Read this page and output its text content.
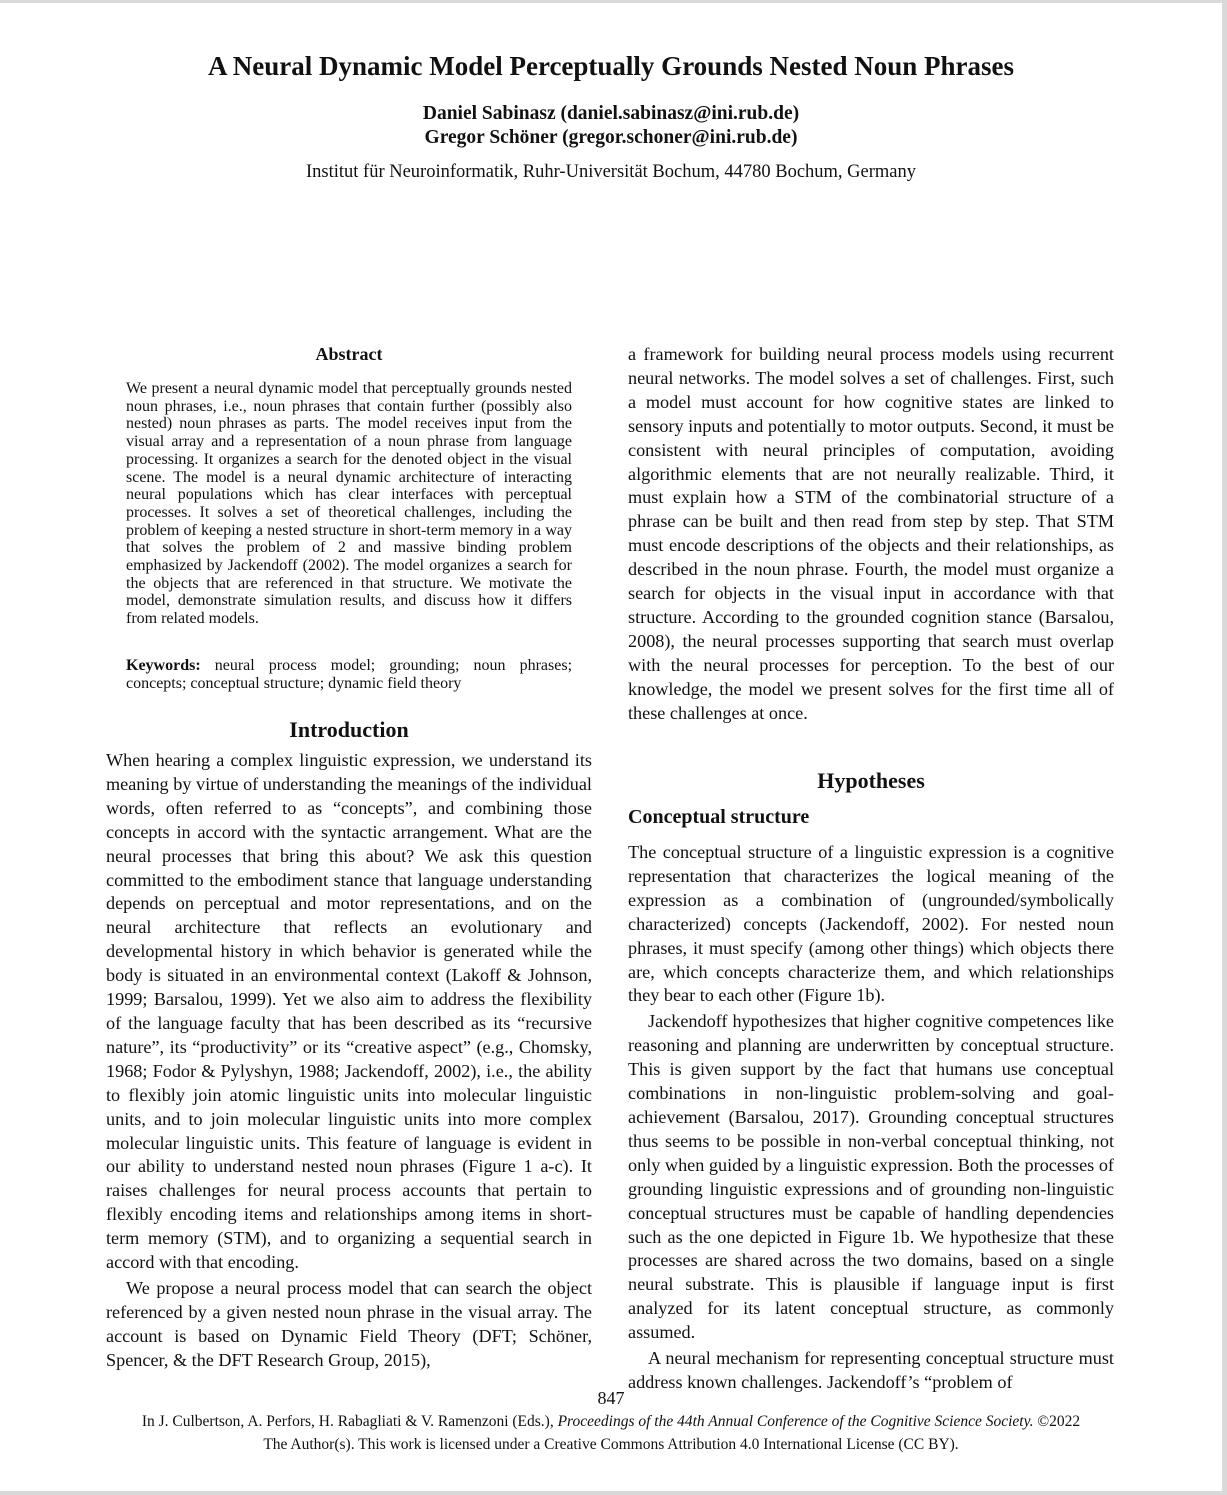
A Neural Dynamic Model Perceptually Grounds Nested Noun Phrases
Daniel Sabinasz (daniel.sabinasz@ini.rub.de)
Gregor Schöner (gregor.schoner@ini.rub.de)
Institut für Neuroinformatik, Ruhr-Universität Bochum, 44780 Bochum, Germany
Abstract
We present a neural dynamic model that perceptually grounds nested noun phrases, i.e., noun phrases that contain further (possibly also nested) noun phrases as parts. The model receives input from the visual array and a representation of a noun phrase from language processing. It organizes a search for the denoted object in the visual scene. The model is a neural dynamic architecture of interacting neural populations which has clear interfaces with perceptual processes. It solves a set of theoretical challenges, including the problem of keeping a nested structure in short-term memory in a way that solves the problem of 2 and massive binding problem emphasized by Jackendoff (2002). The model organizes a search for the objects that are referenced in that structure. We motivate the model, demonstrate simulation results, and discuss how it differs from related models.
Keywords: neural process model; grounding; noun phrases; concepts; conceptual structure; dynamic field theory
Introduction

When hearing a complex linguistic expression, we understand its meaning by virtue of understanding the meanings of the individual words, often referred to as “concepts”, and combining those concepts in accord with the syntactic arrangement. What are the neural processes that bring this about? We ask this question committed to the embodiment stance that language understanding depends on perceptual and motor representations, and on the neural architecture that reflects an evolutionary and developmental history in which behavior is generated while the body is situated in an environmental context (Lakoff & Johnson, 1999; Barsalou, 1999). Yet we also aim to address the flexibility of the language faculty that has been described as its “recursive nature”, its “productivity” or its “creative aspect” (e.g., Chomsky, 1968; Fodor & Pylyshyn, 1988; Jackendoff, 2002), i.e., the ability to flexibly join atomic linguistic units into molecular linguistic units, and to join molecular linguistic units into more complex molecular linguistic units. This feature of language is evident in our ability to understand nested noun phrases (Figure 1 a-c). It raises challenges for neural process accounts that pertain to flexibly encoding items and relationships among items in short-term memory (STM), and to organizing a sequential search in accord with that encoding.

We propose a neural process model that can search the object referenced by a given nested noun phrase in the visual array. The account is based on Dynamic Field Theory (DFT; Schöner, Spencer, & the DFT Research Group, 2015),

a framework for building neural process models using recurrent neural networks. The model solves a set of challenges. First, such a model must account for how cognitive states are linked to sensory inputs and potentially to motor outputs. Second, it must be consistent with neural principles of computation, avoiding algorithmic elements that are not neurally realizable. Third, it must explain how a STM of the combinatorial structure of a phrase can be built and then read from step by step. That STM must encode descriptions of the objects and their relationships, as described in the noun phrase. Fourth, the model must organize a search for objects in the visual input in accordance with that structure. According to the grounded cognition stance (Barsalou, 2008), the neural processes supporting that search must overlap with the neural processes for perception. To the best of our knowledge, the model we present solves for the first time all of these challenges at once.
Hypotheses
Conceptual structure

The conceptual structure of a linguistic expression is a cognitive representation that characterizes the logical meaning of the expression as a combination of (ungrounded/symbolically characterized) concepts (Jackendoff, 2002). For nested noun phrases, it must specify (among other things) which objects there are, which concepts characterize them, and which relationships they bear to each other (Figure 1b).

Jackendoff hypothesizes that higher cognitive competences like reasoning and planning are underwritten by conceptual structure. This is given support by the fact that humans use conceptual combinations in non-linguistic problem-solving and goal-achievement (Barsalou, 2017). Grounding conceptual structures thus seems to be possible in non-verbal conceptual thinking, not only when guided by a linguistic expression. Both the processes of grounding linguistic expressions and of grounding non-linguistic conceptual structures must be capable of handling dependencies such as the one depicted in Figure 1b. We hypothesize that these processes are shared across the two domains, based on a single neural substrate. This is plausible if language input is first analyzed for its latent conceptual structure, as commonly assumed.

A neural mechanism for representing conceptual structure must address known challenges. Jackendoff’s “problem of

847
In J. Culbertson, A. Perfors, H. Rabagliati & V. Ramenzoni (Eds.), Proceedings of the 44th Annual Conference of the Cognitive Science Society. ©2022 The Author(s). This work is licensed under a Creative Commons Attribution 4.0 International License (CC BY).
